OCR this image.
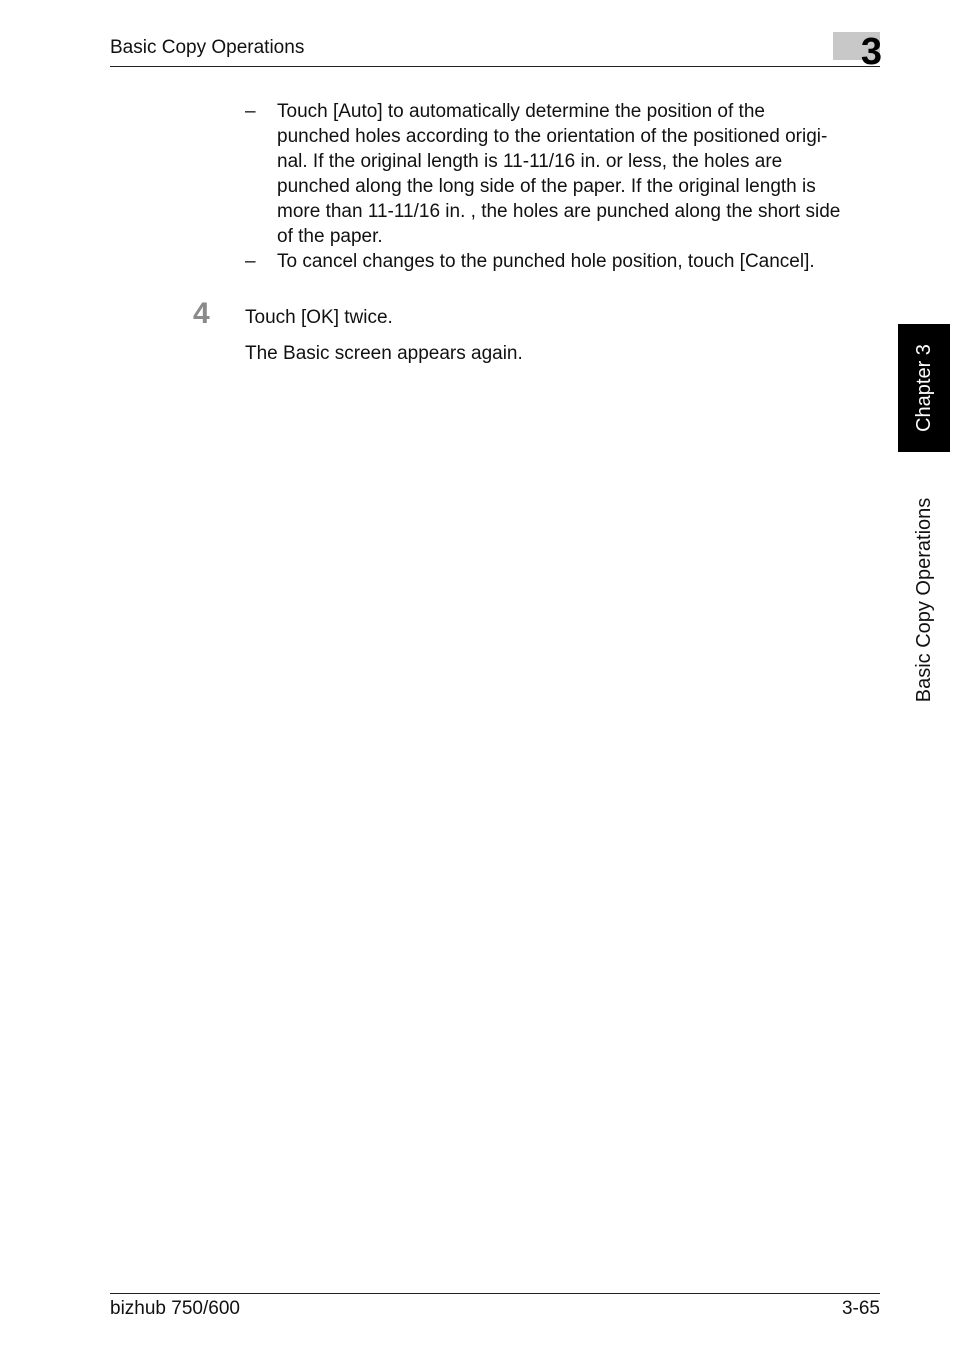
Basic Copy Operations	3
– Touch [Auto] to automatically determine the position of the
punched holes according to the orientation of the positioned origi-
nal. If the original length is 11-11/16 in. or less, the holes are
punched along the long side of the paper. If the original length is
more than 11-11/16 in. , the holes are punched along the short side
of the paper.
– To cancel changes to the punched hole position, touch [Cancel].
4 Touch [OK] twice.
The Basic screen appears again.	Chapter 3
Basic Copy Operations
bizhub 750/600	3-65
